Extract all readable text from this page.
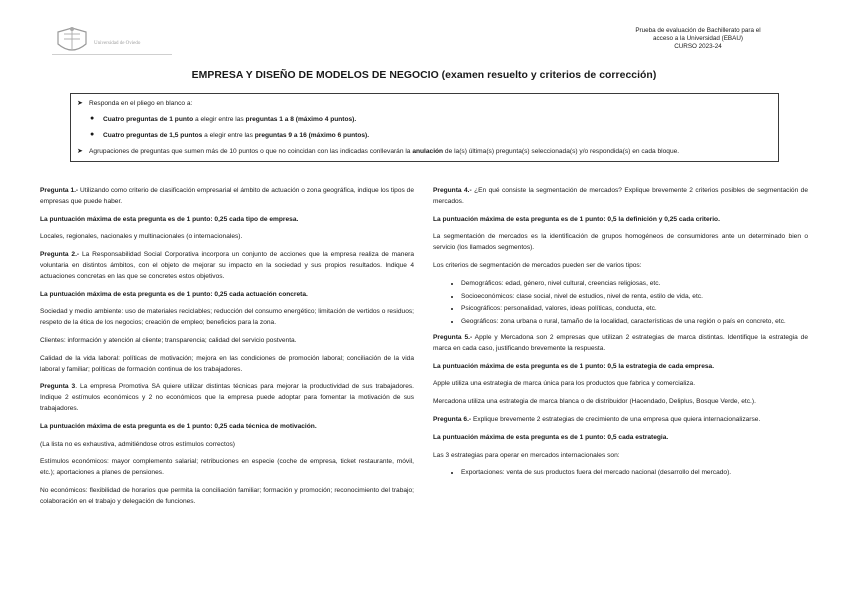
Universidad de Oviedo
Prueba de evaluación de Bachillerato para el
acceso a la Universidad (EBAU)
CURSO 2023-24
EMPRESA Y DISEÑO DE MODELOS DE NEGOCIO (examen resuelto y criterios de corrección)
➤ Responda en el pliego en blanco a:
● Cuatro preguntas de 1 punto a elegir entre las preguntas 1 a 8 (máximo 4 puntos).
● Cuatro preguntas de 1,5 puntos a elegir entre las preguntas 9 a 16 (máximo 6 puntos).
➤ Agrupaciones de preguntas que sumen más de 10 puntos o que no coincidan con las indicadas conllevarán la anulación de la(s) última(s) pregunta(s) seleccionada(s) y/o respondida(s) en cada bloque.

Pregunta 1.- Utilizando como criterio de clasificación empresarial el ámbito de actuación o zona geográfica, indique los tipos de empresas que puede haber.

La puntuación máxima de esta pregunta es de 1 punto: 0,25 cada tipo de empresa.

Locales, regionales, nacionales y multinacionales (o internacionales).

Pregunta 2.- La Responsabilidad Social Corporativa incorpora un conjunto de acciones que la empresa realiza de manera voluntaria en distintos ámbitos, con el objeto de mejorar su impacto en la sociedad y sus propios resultados. Indique 4 actuaciones concretas en las que se concretes estos objetivos.

La puntuación máxima de esta pregunta es de 1 punto: 0,25 cada actuación concreta.

Sociedad y medio ambiente: uso de materiales reciclables; reducción del consumo energético; limitación de vertidos o residuos; respeto de la ética de los negocios; creación de empleo; beneficios para la zona.

Clientes: información y atención al cliente; transparencia; calidad del servicio postventa.

Calidad de la vida laboral: políticas de motivación; mejora en las condiciones de promoción laboral; conciliación de la vida laboral y familiar; políticas de formación continua de los trabajadores.

Pregunta 3. La empresa Promotiva SA quiere utilizar distintas técnicas para mejorar la productividad de sus trabajadores. Indique 2 estímulos económicos y 2 no económicos que la empresa puede adoptar para fomentar la motivación de sus trabajadores.

La puntuación máxima de esta pregunta es de 1 punto: 0,25 cada técnica de motivación.

(La lista no es exhaustiva, admitiéndose otros estímulos correctos)

Estímulos económicos: mayor complemento salarial; retribuciones en especie (coche de empresa, ticket restaurante, móvil, etc.); aportaciones a planes de pensiones.

No económicos: flexibilidad de horarios que permita la conciliación familiar; formación y promoción; reconocimiento del trabajo; colaboración en el trabajo y delegación de funciones.

Pregunta 4.- ¿En qué consiste la segmentación de mercados? Explique brevemente 2 criterios posibles de segmentación de mercados.

La puntuación máxima de esta pregunta es de 1 punto: 0,5 la definición y 0,25 cada criterio.

La segmentación de mercados es la identificación de grupos homogéneos de consumidores ante un determinado bien o servicio (los llamados segmentos).

Los criterios de segmentación de mercados pueden ser de varios tipos:

• Demográficos: edad, género, nivel cultural, creencias religiosas, etc.
• Socioeconómicos: clase social, nivel de estudios, nivel de renta, estilo de vida, etc.
• Psicográficos: personalidad, valores, ideas políticas, conducta, etc.
• Geográficos: zona urbana o rural, tamaño de la localidad, características de una región o país en concreto, etc.

Pregunta 5.- Apple y Mercadona son 2 empresas que utilizan 2 estrategias de marca distintas. Identifique la estrategia de marca en cada caso, justificando brevemente la respuesta.

La puntuación máxima de esta pregunta es de 1 punto: 0,5 la estrategia de cada empresa.

Apple utiliza una estrategia de marca única para los productos que fabrica y comercializa.

Mercadona utiliza una estrategia de marca blanca o de distribuidor (Hacendado, Deliplus, Bosque Verde, etc.).

Pregunta 6.- Explique brevemente 2 estrategias de crecimiento de una empresa que quiera internacionalizarse.

La puntuación máxima de esta pregunta es de 1 punto: 0,5 cada estrategia.

Las 3 estrategias para operar en mercados internacionales son:

• Exportaciones: venta de sus productos fuera del mercado nacional (desarrollo del mercado).
